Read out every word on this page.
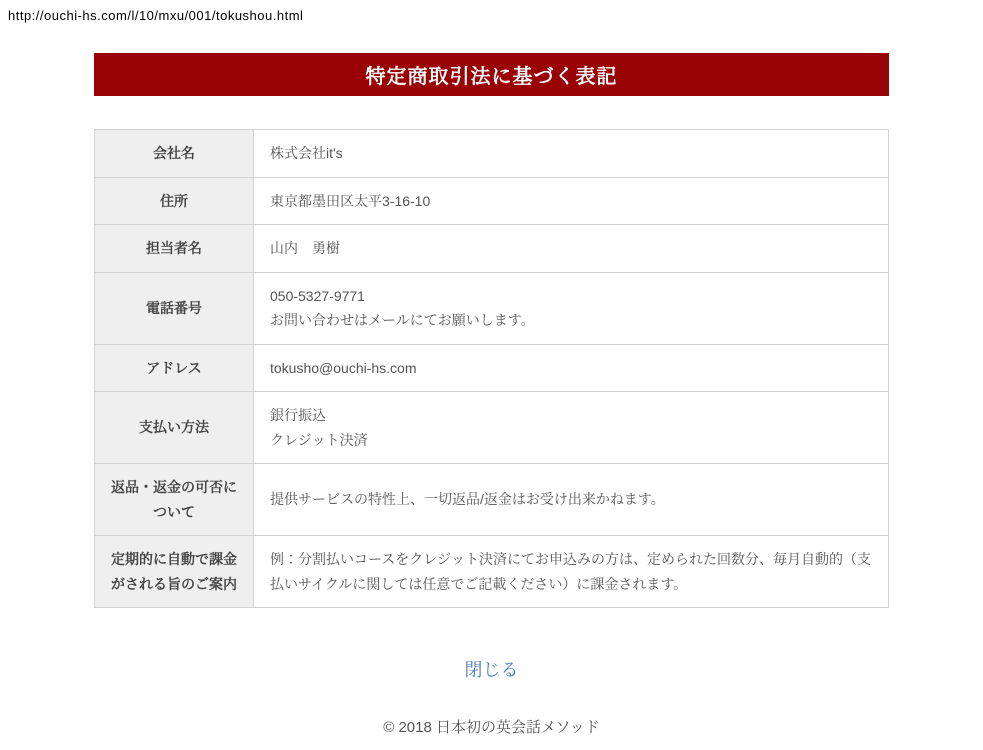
http://ouchi-hs.com/l/10/mxu/001/tokushou.html
特定商取引法に基づく表記
会社名	株式会社it's

住所	東京都墨田区太平3-16-10

担当者名	山内　勇樹

電話番号	050-5327-9771
お問い合わせはメールにてお願いします。

アドレス	tokusho@ouchi-hs.com

支払い方法	銀行振込
クレジット決済

返品・返金の可否について	提供サービスの特性上、一切返品/返金はお受け出来かねます。

定期的に自動で課金がされる旨のご案内	例：分割払いコースをクレジット決済にてお申込みの方は、定められた回数分、毎月自動的（支払いサイクルに関しては任意でご記載ください）に課金されます。
閉じる
© 2018 日本初の英会話メソッド
